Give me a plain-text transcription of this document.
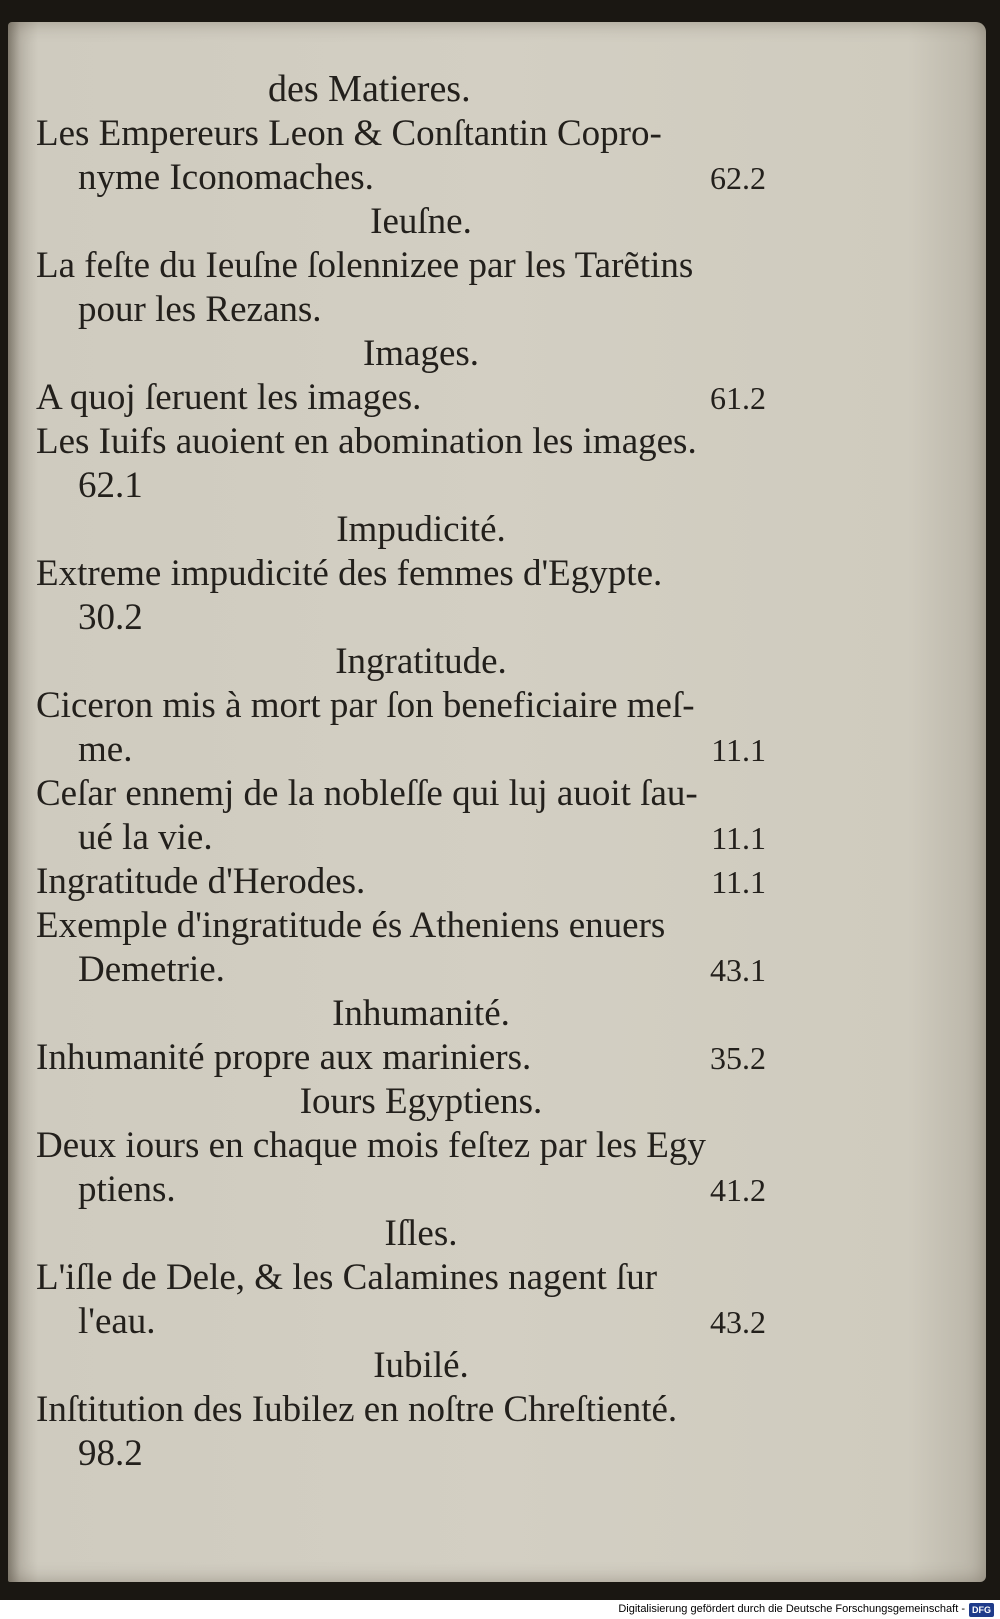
des Matieres.
Les Empereurs Leon & Conſtantin Copro-
nyme Iconomaches.	62.2
Ieuſne.
La feſte du Ieuſne ſolennizee par les Tarẽtins
pour les Rezans.
Images.
A quoj ſeruent les images.	61.2
Les Iuifs auoient en abomination les images.
62.1
Impudicité.
Extreme impudicité des femmes d'Egypte.
30.2
Ingratitude.
Ciceron mis à mort par ſon beneficiaire meſ-
me.	11.1
Ceſar ennemj de la nobleſſe qui luj auoit ſau-
ué la vie.	11.1
Ingratitude d'Herodes.	11.1
Exemple d'ingratitude és Atheniens enuers
Demetrie.	43.1
Inhumanité.
Inhumanité propre aux mariniers.	35.2
Iours Egyptiens.
Deux iours en chaque mois feſtez par les Egy
ptiens.	41.2
Iſles.
L'iſle de Dele, & les Calamines nagent ſur
l'eau.	43.2
Iubilé.
Inſtitution des Iubilez en noſtre Chreſtienté.
98.2
Digitalisierung gefördert durch die Deutsche Forschungsgemeinschaft - DFG
